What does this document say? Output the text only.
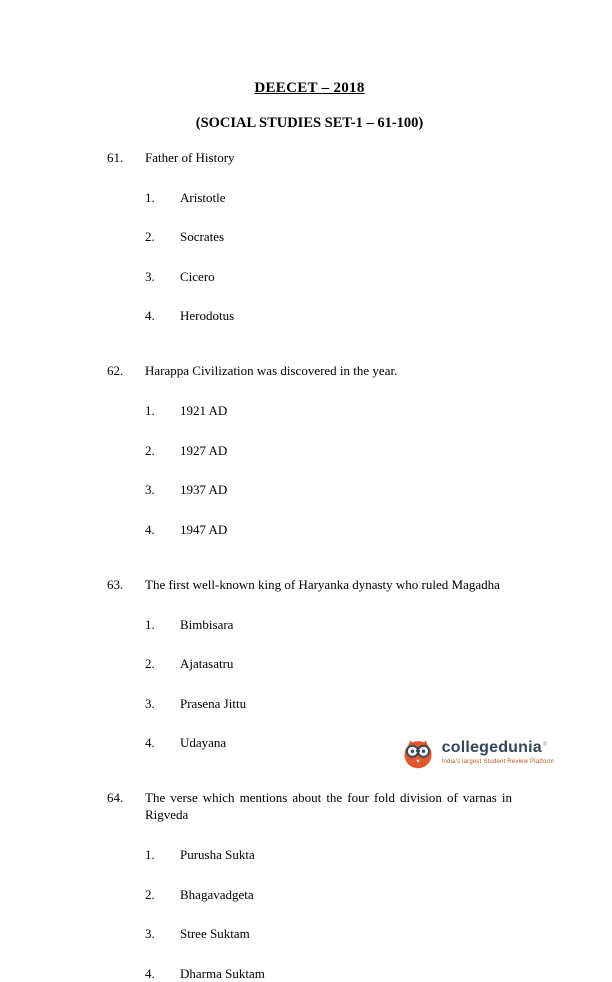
DEECET – 2018
(SOCIAL STUDIES SET-1 – 61-100)
61.	Father of History
1.	Aristotle
2.	Socrates
3.	Cicero
4.	Herodotus
62.	Harappa Civilization was discovered in the year.
1.	1921 AD
2.	1927 AD
3.	1937 AD
4.	1947 AD
63.	The first well-known king of Haryanka dynasty who ruled Magadha
1.	Bimbisara
2.	Ajatasatru
3.	Prasena Jittu
4.	Udayana
64.	The verse which mentions about the four fold division of varnas in Rigveda
1.	Purusha Sukta
2.	Bhagavadgeta
3.	Stree Suktam
4.	Dharma Suktam
collegedunia ®
India's largest Student Review Platform
